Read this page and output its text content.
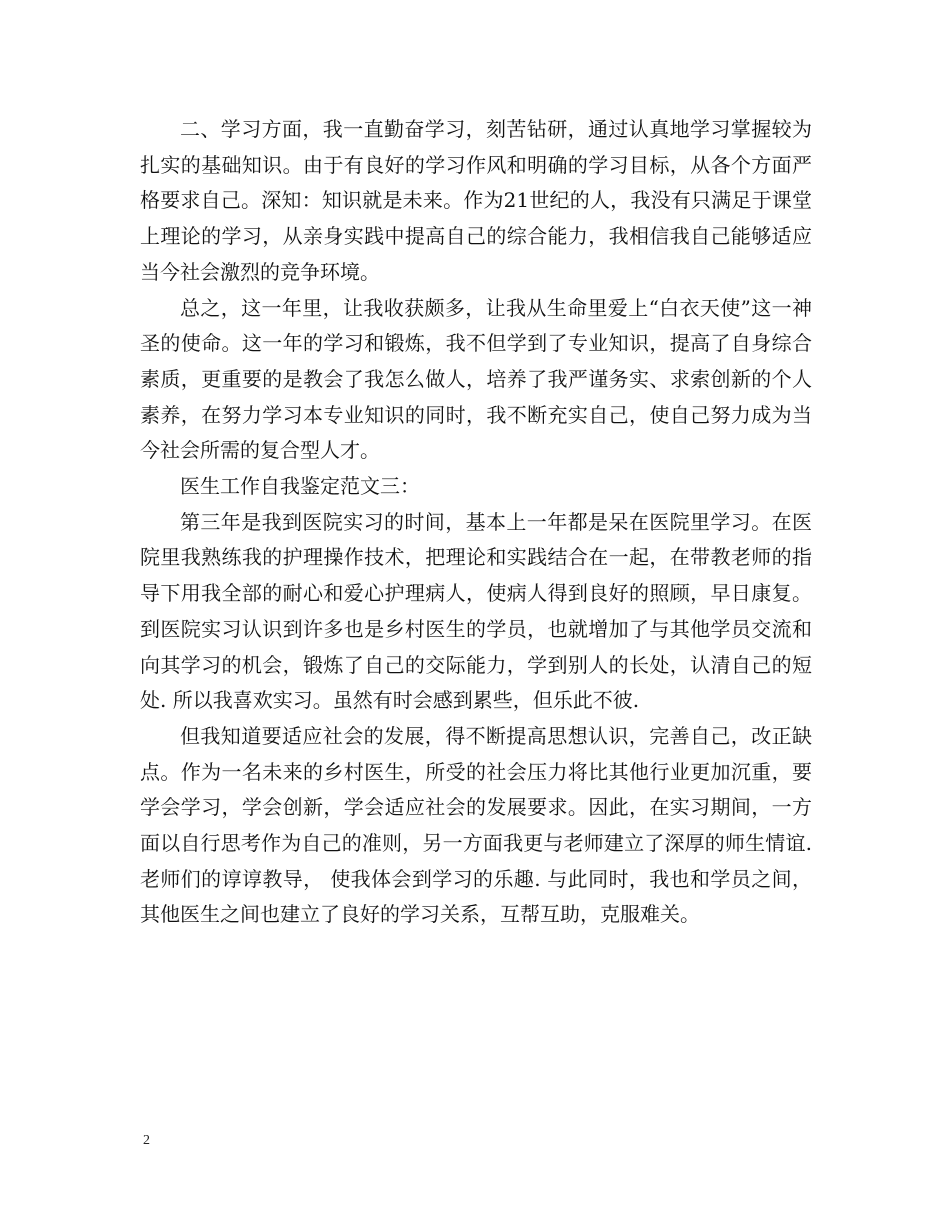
二、学习方面，我一直勤奋学习，刻苦钻研，通过认真地学习掌握较为扎实的基础知识。由于有良好的学习作风和明确的学习目标，从各个方面严格要求自己。深知：知识就是未来。作为21世纪的人，我没有只满足于课堂上理论的学习，从亲身实践中提高自己的综合能力，我相信我自己能够适应当今社会激烈的竞争环境。

总之，这一年里，让我收获颇多，让我从生命里爱上“白衣天使”这一神圣的使命。这一年的学习和锻炼，我不但学到了专业知识，提高了自身综合素质，更重要的是教会了我怎么做人，培养了我严谨务实、求索创新的个人素养，在努力学习本专业知识的同时，我不断充实自己，使自己努力成为当今社会所需的复合型人才。

医生工作自我鉴定范文三：

第三年是我到医院实习的时间，基本上一年都是呆在医院里学习。在医院里我熟练我的护理操作技术，把理论和实践结合在一起，在带教老师的指导下用我全部的耐心和爱心护理病人，使病人得到良好的照顾，早日康复。到医院实习认识到许多也是乡村医生的学员，也就增加了与其他学员交流和向其学习的机会，锻炼了自己的交际能力，学到别人的长处，认清自己的短处. 所以我喜欢实习。虽然有时会感到累些，但乐此不彼.

但我知道要适应社会的发展，得不断提高思想认识，完善自己，改正缺点。作为一名未来的乡村医生，所受的社会压力将比其他行业更加沉重，要学会学习，学会创新，学会适应社会的发展要求。因此，在实习期间，一方面以自行思考作为自己的准则，另一方面我更与老师建立了深厚的师生情谊. 老师们的谆谆教导， 使我体会到学习的乐趣. 与此同时，我也和学员之间，其他医生之间也建立了良好的学习关系，互帮互助，克服难关。

2
